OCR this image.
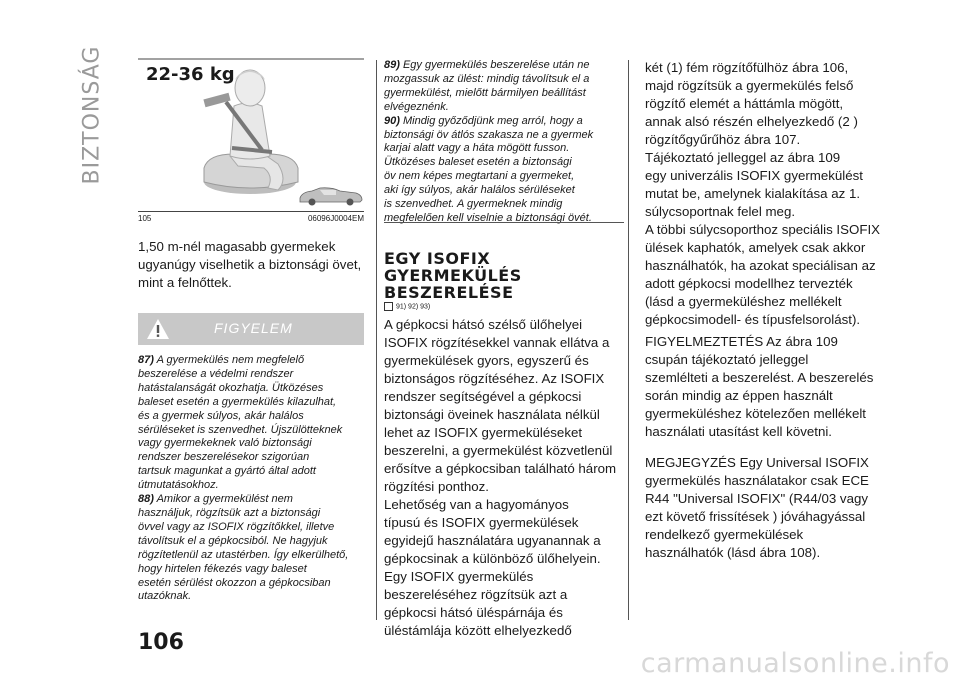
BIZTONSÁG 22-36 kg
105	06096J0004EM
1,50 m-nél magasabb gyermekek
ugyanúgy viselhetik a biztonsági övet,
mint a felnőttek.
FIGYELEM
87) A gyermekülés nem megfelelő
beszerelése a védelmi rendszer
hatástalanságát okozhatja. Ütközéses
baleset esetén a gyermekülés kilazulhat,
és a gyermek súlyos, akár halálos
sérüléseket is szenvedhet. Újszülötteknek
vagy gyermekeknek való biztonsági
rendszer beszerelésekor szigorúan
tartsuk magunkat a gyártó által adott
útmutatásokhoz.
88) Amikor a gyermekülést nem
használjuk, rögzítsük azt a biztonsági
övvel vagy az ISOFIX rögzítőkkel, illetve
távolítsuk el a gépkocsiból. Ne hagyjuk
rögzítetlenül az utastérben. Így elkerülhető,
hogy hirtelen fékezés vagy baleset
esetén sérülést okozzon a gépkocsiban
utazóknak.
89) Egy gyermekülés beszerelése után ne
mozgassuk az ülést: mindig távolítsuk el a
gyermekülést, mielőtt bármilyen beállítást
elvégeznénk.
90) Mindig győződjünk meg arról, hogy a
biztonsági öv átlós szakasza ne a gyermek
karjai alatt vagy a háta mögött fusson.
Ütközéses baleset esetén a biztonsági
öv nem képes megtartani a gyermeket,
aki így súlyos, akár halálos sérüléseket
is szenvedhet. A gyermeknek mindig
megfelelően kell viselnie a biztonsági övét.
EGY ISOFIX
GYERMEKÜLÉS
BESZERELÉSE
91) 92) 93)
A gépkocsi hátsó szélső ülőhelyei
ISOFIX rögzítésekkel vannak ellátva a
gyermekülések gyors, egyszerű és
biztonságos rögzítéséhez. Az ISOFIX
rendszer segítségével a gépkocsi
biztonsági öveinek használata nélkül
lehet az ISOFIX gyermeküléseket
beszerelni, a gyermekülést közvetlenül
erősítve a gépkocsiban található három
rögzítési ponthoz.
Lehetőség van a hagyományos
típusú és ISOFIX gyermekülések
egyidejű használatára ugyanannak a
gépkocsinak a különböző ülőhelyein.
Egy ISOFIX gyermekülés
beszereléséhez rögzítsük azt a
gépkocsi hátsó üléspárnája és
üléstámlája között elhelyezkedő
két (1) fém rögzítőfülhöz ábra 106,
majd rögzítsük a gyermekülés felső
rögzítő elemét a háttámla mögött,
annak alsó részén elhelyezkedő (2 )
rögzítőgyűrűhöz ábra 107.
Tájékoztató jelleggel az ábra 109
egy univerzális ISOFIX gyermekülést
mutat be, amelynek kialakítása az 1.
súlycsoportnak felel meg.
A többi súlycsoporthoz speciális ISOFIX
ülések kaphatók, amelyek csak akkor
használhatók, ha azokat speciálisan az
adott gépkocsi modellhez tervezték
(lásd a gyermeküléshez mellékelt
gépkocsimodell- és típusfelsorolást).
FIGYELMEZTETÉS Az ábra 109
csupán tájékoztató jelleggel
szemlélteti a beszerelést. A beszerelés
során mindig az éppen használt
gyermeküléshez kötelezően mellékelt
használati utasítást kell követni.
MEGJEGYZÉS Egy Universal ISOFIX
gyermekülés használatakor csak ECE
R44 "Universal ISOFIX" (R44/03 vagy
ezt követő frissítések ) jóváhagyással
rendelkező gyermekülések
használhatók (lásd ábra 108).
106
carmanualsonline.info
